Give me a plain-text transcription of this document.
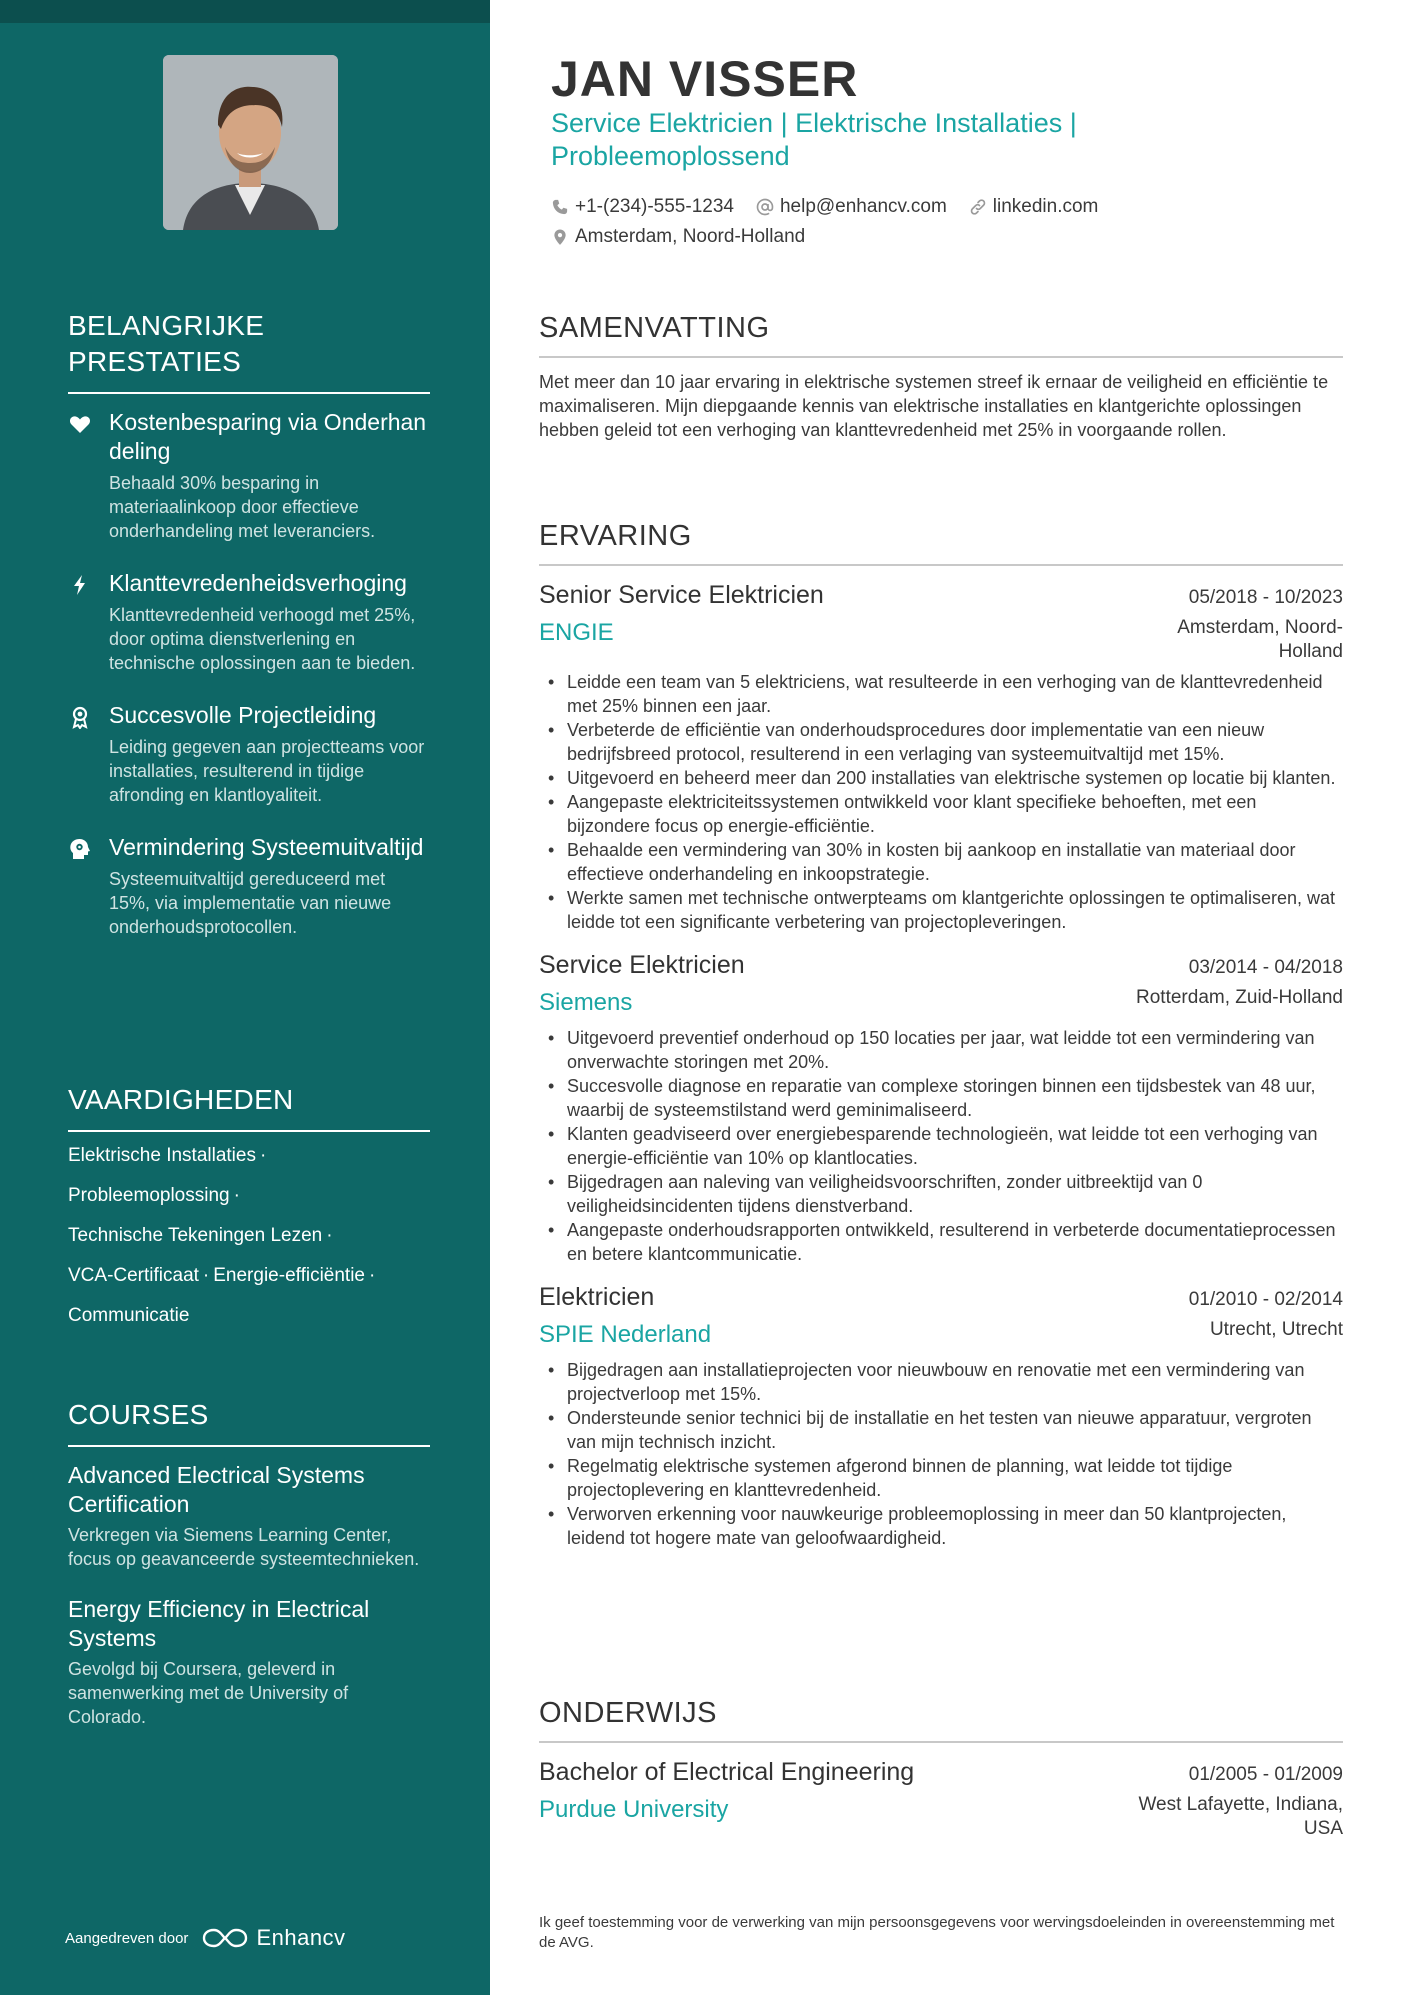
BELANGRIJKE PRESTATIES
Kostenbesparing via Onderhandeling
Behaald 30% besparing in materiaalinkoop door effectieve onderhandeling met leveranciers.
Klanttevredenheidsverhoging
Klanttevredenheid verhoogd met 25%, door optima dienstverlening en technische oplossingen aan te bieden.
Succesvolle Projectleiding
Leiding gegeven aan projectteams voor installaties, resulterend in tijdige afronding en klantloyaliteit.
Vermindering Systeemuitvaltijd
Systeemuitvaltijd gereduceerd met 15%, via implementatie van nieuwe onderhoudsprotocollen.
VAARDIGHEDEN
Elektrische Installaties ·
Probleemoplossing ·
Technische Tekeningen Lezen ·
VCA-Certificaat · Energie-efficiëntie ·
Communicatie
COURSES
Advanced Electrical Systems Certification
Verkregen via Siemens Learning Center, focus op geavanceerde systeemtechnieken.
Energy Efficiency in Electrical Systems
Gevolgd bij Coursera, geleverd in samenwerking met de University of Colorado.
Aangedreven door	Enhancv
JAN VISSER
Service Elektricien | Elektrische Installaties | Probleemoplossend
+1-(234)-555-1234 help@enhancv.com linkedin.com
Amsterdam, Noord-Holland
SAMENVATTING
Met meer dan 10 jaar ervaring in elektrische systemen streef ik ernaar de veiligheid en efficiëntie te maximaliseren. Mijn diepgaande kennis van elektrische installaties en klantgerichte oplossingen hebben geleid tot een verhoging van klanttevredenheid met 25% in voorgaande rollen.
ERVARING
Senior Service Elektricien	05/2018 - 10/2023
ENGIE	Amsterdam, Noord-Holland
• Leidde een team van 5 elektriciens, wat resulteerde in een verhoging van de klanttevredenheid met 25% binnen een jaar.
• Verbeterde de efficiëntie van onderhoudsprocedures door implementatie van een nieuw bedrijfsbreed protocol, resulterend in een verlaging van systeemuitvaltijd met 15%.
• Uitgevoerd en beheerd meer dan 200 installaties van elektrische systemen op locatie bij klanten.
• Aangepaste elektriciteitssystemen ontwikkeld voor klant specifieke behoeften, met een bijzondere focus op energie-efficiëntie.
• Behaalde een vermindering van 30% in kosten bij aankoop en installatie van materiaal door effectieve onderhandeling en inkoopstrategie.
• Werkte samen met technische ontwerpteams om klantgerichte oplossingen te optimaliseren, wat leidde tot een significante verbetering van projectopleveringen.
Service Elektricien	03/2014 - 04/2018
Siemens	Rotterdam, Zuid-Holland
• Uitgevoerd preventief onderhoud op 150 locaties per jaar, wat leidde tot een vermindering van onverwachte storingen met 20%.
• Succesvolle diagnose en reparatie van complexe storingen binnen een tijdsbestek van 48 uur, waarbij de systeemstilstand werd geminimaliseerd.
• Klanten geadviseerd over energiebesparende technologieën, wat leidde tot een verhoging van energie-efficiëntie van 10% op klantlocaties.
• Bijgedragen aan naleving van veiligheidsvoorschriften, zonder uitbreektijd van 0 veiligheidsincidenten tijdens dienstverband.
• Aangepaste onderhoudsrapporten ontwikkeld, resulterend in verbeterde documentatieprocessen en betere klantcommunicatie.
Elektricien	01/2010 - 02/2014
SPIE Nederland	Utrecht, Utrecht
• Bijgedragen aan installatieprojecten voor nieuwbouw en renovatie met een vermindering van projectverloop met 15%.
• Ondersteunde senior technici bij de installatie en het testen van nieuwe apparatuur, vergroten van mijn technisch inzicht.
• Regelmatig elektrische systemen afgerond binnen de planning, wat leidde tot tijdige projectoplevering en klanttevredenheid.
• Verworven erkenning voor nauwkeurige probleemoplossing in meer dan 50 klantprojecten, leidend tot hogere mate van geloofwaardigheid.
ONDERWIJS
Bachelor of Electrical Engineering	01/2005 - 01/2009
Purdue University	West Lafayette, Indiana, USA
Ik geef toestemming voor de verwerking van mijn persoonsgegevens voor wervingsdoeleinden in overeenstemming met de AVG.
